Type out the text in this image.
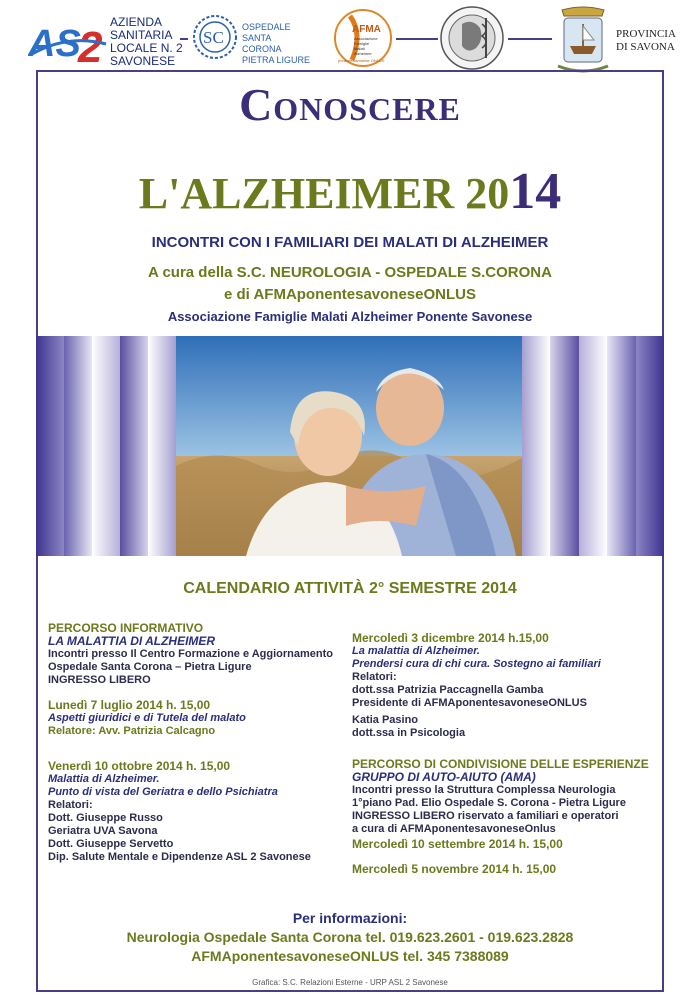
AS
2
AZIENDA
SANITARIA
LOCALE N. 2
SAVONESE
SC
OSPEDALE
SANTA CORONA
PIETRA LIGURE
AFMA
Associazione
Famiglie
Malati
Alzheimer
ponentesavonese ONLUS
PROVINCIA
DI SAVONA
Conoscere
L'ALZHEIMER 2014
INCONTRI CON I FAMILIARI DEI MALATI DI ALZHEIMER
A cura della S.C. NEUROLOGIA - OSPEDALE S.CORONA
e di AFMAponentesavoneseONLUS
Associazione Famiglie Malati Alzheimer Ponente Savonese
CALENDARIO ATTIVITÀ 2° SEMESTRE 2014

PERCORSO INFORMATIVO

LA MALATTIA DI ALZHEIMER

Incontri presso Il Centro Formazione e Aggiornamento

Ospedale Santa Corona – Pietra Ligure

INGRESSO LIBERO

Lunedì 7 luglio 2014 h. 15,00

Aspetti giuridici e di Tutela del malato

Relatore: Avv. Patrizia Calcagno

Venerdì 10 ottobre 2014 h. 15,00

Malattia di Alzheimer.

Punto di vista del Geriatra e dello Psichiatra

Relatori:

Dott. Giuseppe Russo

Geriatra UVA Savona

Dott. Giuseppe Servetto

Dip. Salute Mentale e Dipendenze ASL 2 Savonese

Mercoledì 3 dicembre 2014 h.15,00

La malattia di Alzheimer.

Prendersi cura di chi cura. Sostegno ai familiari

Relatori:

dott.ssa Patrizia Paccagnella Gamba

Presidente di AFMAponentesavoneseONLUS

Katia Pasino

dott.ssa in Psicologia

PERCORSO DI CONDIVISIONE DELLE ESPERIENZE

GRUPPO DI AUTO-AIUTO (AMA)

Incontri presso la Struttura Complessa Neurologia

1°piano Pad. Elio Ospedale S. Corona - Pietra Ligure

INGRESSO LIBERO riservato a familiari e operatori

a cura di AFMAponentesavoneseOnlus

Mercoledì 10 settembre 2014 h. 15,00

Mercoledì 5 novembre 2014 h. 15,00

Per informazioni:
Neurologia Ospedale Santa Corona tel. 019.623.2601 - 019.623.2828
AFMAponentesavoneseONLUS tel. 345 7388089
Grafica: S.C. Relazioni Esterne - URP ASL 2 Savonese
